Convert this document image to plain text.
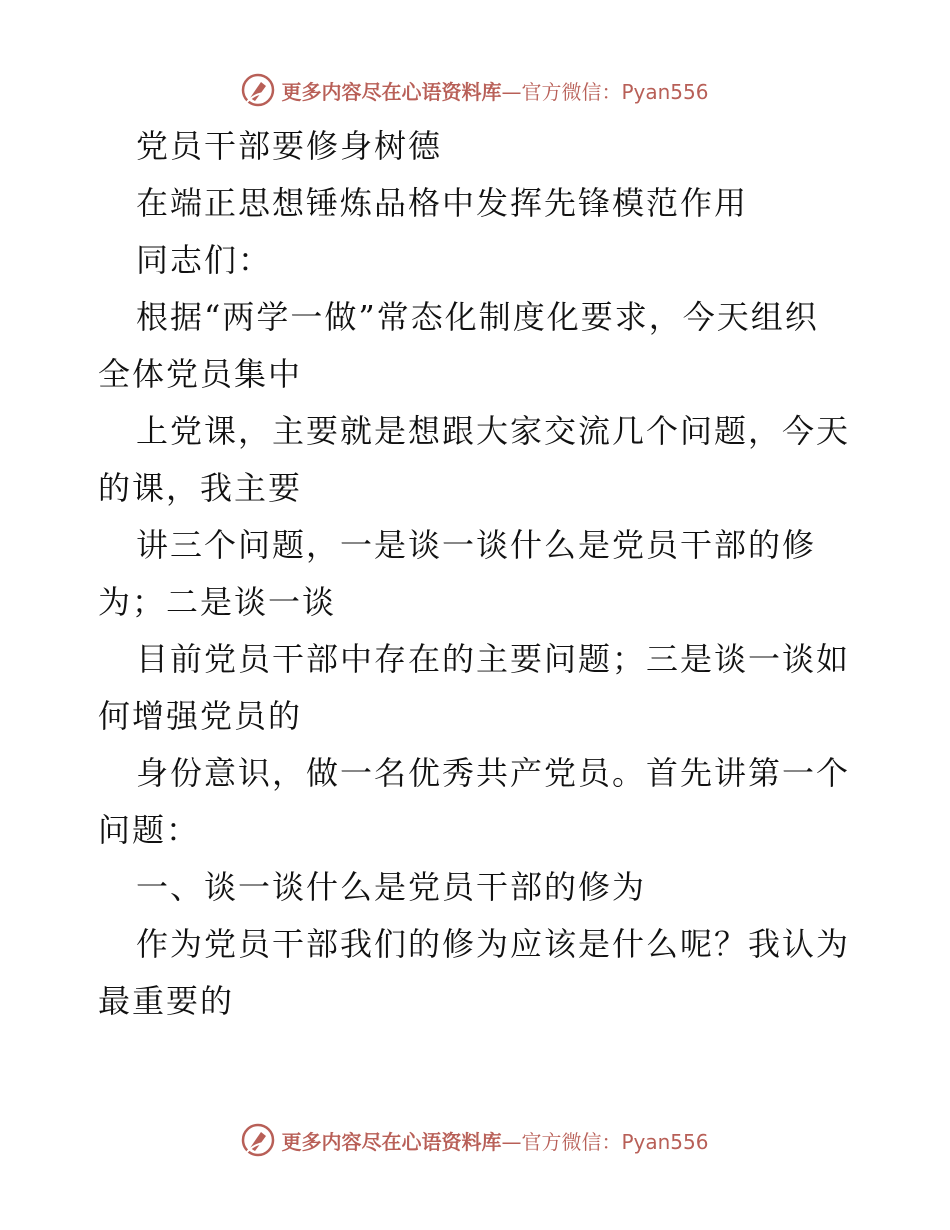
更多内容尽在心语资料库—官方微信：Pyan556
党员干部要修身树德
在端正思想锤炼品格中发挥先锋模范作用
同志们：
根据“两学一做”常态化制度化要求，今天组织
全体党员集中
上党课，主要就是想跟大家交流几个问题，今天
的课，我主要
讲三个问题，一是谈一谈什么是党员干部的修
为；二是谈一谈
目前党员干部中存在的主要问题；三是谈一谈如
何增强党员的
身份意识，做一名优秀共产党员。首先讲第一个
问题：
一、谈一谈什么是党员干部的修为
作为党员干部我们的修为应该是什么呢？我认为
最重要的
更多内容尽在心语资料库—官方微信：Pyan556
